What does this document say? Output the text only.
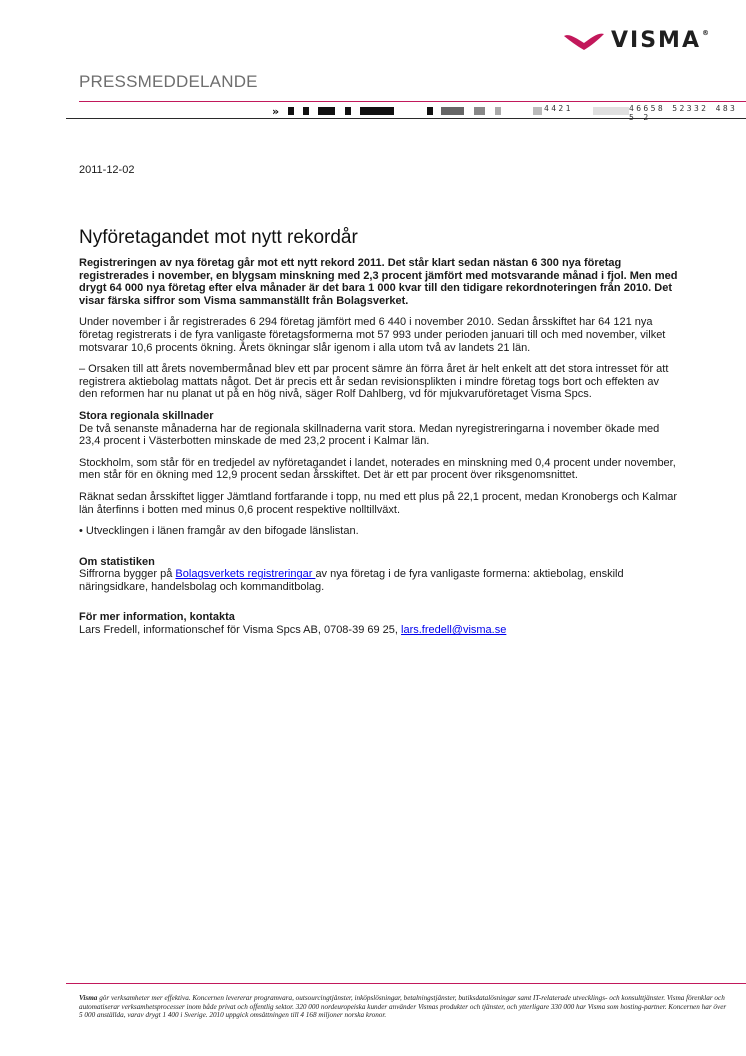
VISMA®
PRESSMEDDELANDE
»	4421	46658 52332 483
2011-12-02
Nyföretagandet mot nytt rekordår

Registreringen av nya företag går mot ett nytt rekord 2011. Det står klart sedan nästan 6 300 nya företag registrerades i november, en blygsam minskning med 2,3 procent jämfört med motsvarande månad i fjol. Men med drygt 64 000 nya företag efter elva månader är det bara 1 000 kvar till den tidigare rekordnoteringen från 2010. Det visar färska siffror som Visma sammanställt från Bolagsverket.

Under november i år registrerades 6 294 företag jämfört med 6 440 i november 2010. Sedan årsskiftet har 64 121 nya företag registrerats i de fyra vanligaste företagsformerna mot 57 993 under perioden januari till och med november, vilket motsvarar 10,6 procents ökning. Årets ökningar slår igenom i alla utom två av landets 21 län.

– Orsaken till att årets novembermånad blev ett par procent sämre än förra året är helt enkelt att det stora intresset för att registrera aktiebolag mattats något. Det är precis ett år sedan revisionsplikten i mindre företag togs bort och effekten av den reformen har nu planat ut på en hög nivå, säger Rolf Dahlberg, vd för mjukvaruföretaget Visma Spcs.

Stora regionala skillnader
De två senanste månaderna har de regionala skillnaderna varit stora. Medan nyregistreringarna i november ökade med 23,4 procent i Västerbotten minskade de med 23,2 procent i Kalmar län.

Stockholm, som står för en tredjedel av nyföretagandet i landet, noterades en minskning med 0,4 procent under november, men står för en ökning med 12,9 procent sedan årsskiftet. Det är ett par procent över riksgenomsnittet.

Räknat sedan årsskiftet ligger Jämtland fortfarande i topp, nu med ett plus på 22,1 procent, medan Kronobergs och Kalmar län återfinns i botten med minus 0,6 procent respektive nolltillväxt.

• Utvecklingen i länen framgår av den bifogade länslistan.

Om statistiken
Siffrorna bygger på Bolagsverkets registreringar av nya företag i de fyra vanligaste formerna: aktiebolag, enskild näringsidkare, handelsbolag och kommanditbolag.
För mer information, kontakta
Lars Fredell, informationschef för Visma Spcs AB, 0708-39 69 25, lars.fredell@visma.se
Visma gör verksamheter mer effektiva. Koncernen levererar programvara, outsourcingtjänster, inköpslösningar, betalningstjänster, butiksdatalösningar samt IT-relaterade utvecklings- och konsulttjänster. Visma förenklar och automatiserar verksamhetsprocesser inom både privat och offentlig sektor. 320 000 nordeuropeiska kunder använder Vismas produkter och tjänster, och ytterligare 330 000 har Visma som hosting-partner. Koncernen har över 5 000 anställda, varav drygt 1 400 i Sverige. 2010 uppgick omsättningen till 4 168 miljoner norska kronor.
